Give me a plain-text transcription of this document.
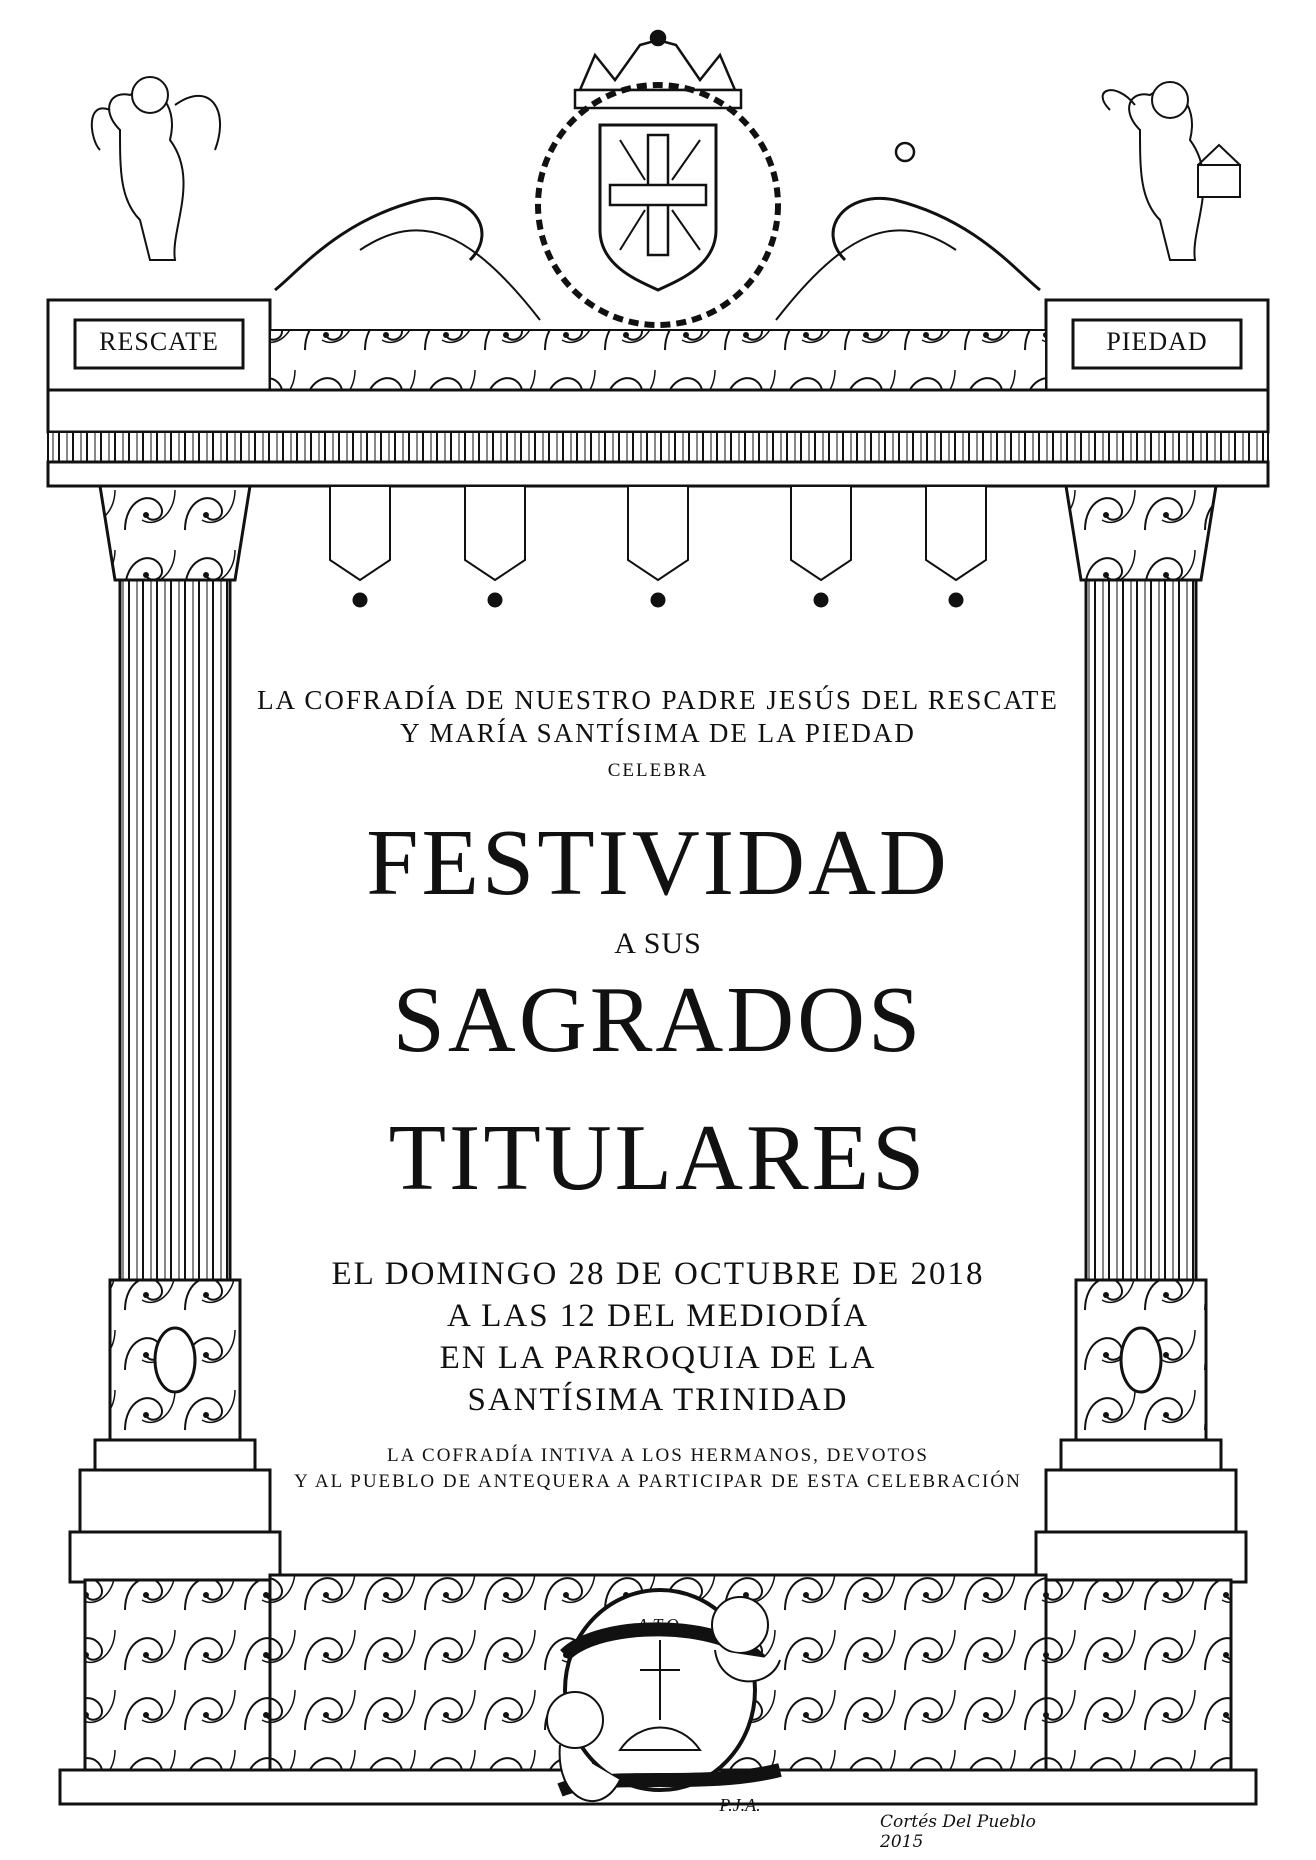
RESCATE	PIEDAD
A.T.Q.
P.J.A.
LA COFRADÍA DE NUESTRO PADRE JESÚS DEL RESCATE
Y MARÍA SANTÍSIMA DE LA PIEDAD
CELEBRA
FESTIVIDAD
A SUS
SAGRADOS
TITULARES
EL DOMINGO 28 DE OCTUBRE DE 2018
A LAS 12 DEL MEDIODÍA
EN LA PARROQUIA DE LA
SANTÍSIMA TRINIDAD
LA COFRADÍA INTIVA A LOS HERMANOS, DEVOTOS
Y AL PUEBLO DE ANTEQUERA A PARTICIPAR DE ESTA CELEBRACIÓN
Cortés Del Pueblo 2015
